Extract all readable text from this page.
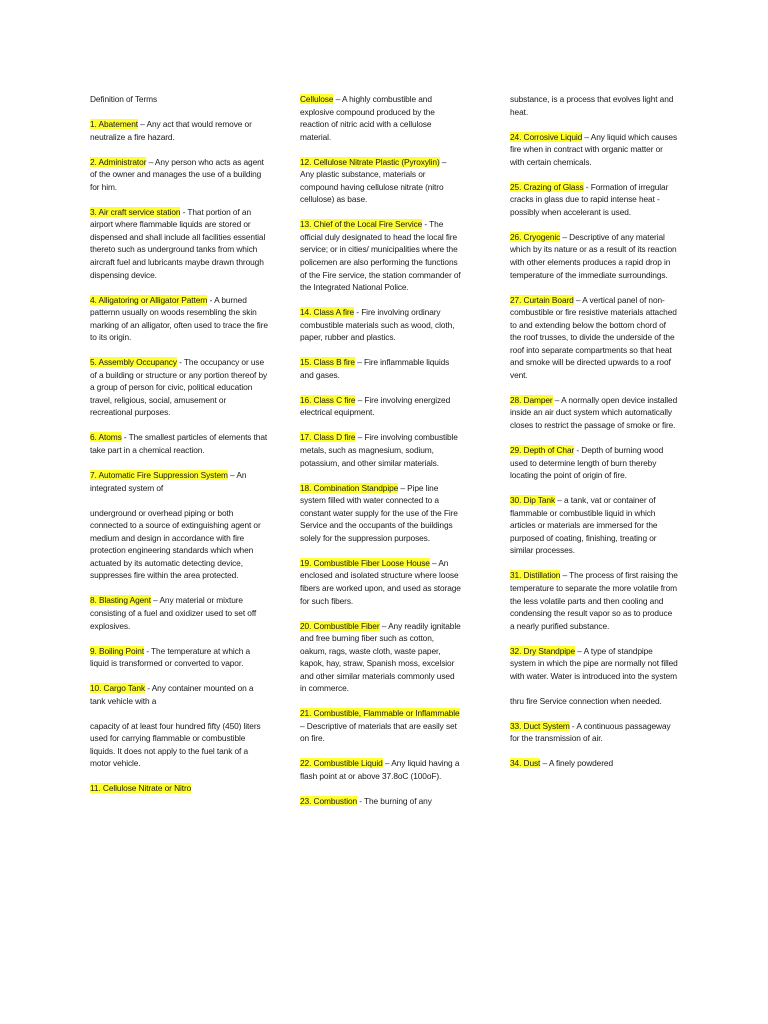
Definition of Terms
1. Abatement – Any act that would remove or neutralize a fire hazard.
2. Administrator – Any person who acts as agent of the owner and manages the use of a building for him.
3. Air craft service station - That portion of an airport where flammable liquids are stored or dispensed and shall include all facilities essential thereto such as underground tanks from which aircraft fuel and lubricants maybe drawn through dispensing device.
4. Alligatoring or Alligator Pattern - A burned patternn usually on woods resembling the skin marking of an alligator, often used to trace the fire to its origin.
5. Assembly Occupancy - The occupancy or use of a building or structure or any portion thereof by a group of person for civic, political education travel, religious, social, amusement or recreational purposes.
6. Atoms - The smallest particles of elements that take part in a chemical reaction.
7. Automatic Fire Suppression System – An integrated system of
underground or overhead piping or both connected to a source of extinguishing agent or medium and design in accordance with fire protection engineering standards which when actuated by its automatic detecting device, suppresses fire within the area protected.
8. Blasting Agent – Any material or mixture consisting of a fuel and oxidizer used to set off explosives.
9. Boiling Point - The temperature at which a liquid is transformed or converted to vapor.
10. Cargo Tank - Any container mounted on a tank vehicle with a
capacity of at least four hundred fifty (450) liters used for carrying flammable or combustible liquids. It does not apply to the fuel tank of a motor vehicle.
11. Cellulose Nitrate or Nitro
Cellulose – A highly combustible and explosive compound produced by the reaction of nitric acid with a cellulose material.
12. Cellulose Nitrate Plastic (Pyroxylin) – Any plastic substance, materials or compound having cellulose nitrate (nitro cellulose) as base.
13. Chief of the Local Fire Service - The official duly designated to head the local fire service; or in cities/ municipalities where the policemen are also performing the functions of the Fire service, the station commander of the Integrated National Police.
14. Class A fire - Fire involving ordinary combustible materials such as wood, cloth, paper, rubber and plastics.
15. Class B fire – Fire inflammable liquids and gases.
16. Class C fire – Fire involving energized electrical equipment.
17. Class D fire – Fire involving combustible metals, such as magnesium, sodium, potassium, and other similar materials.
18. Combination Standpipe – Pipe line system filled with water connected to a constant water supply for the use of the Fire Service and the occupants of the buildings solely for the suppression purposes.
19. Combustible Fiber Loose House – An enclosed and isolated structure where loose fibers are worked upon, and used as storage for such fibers.
20. Combustible Fiber – Any readily ignitable and free burning fiber such as cotton, oakum, rags, waste cloth, waste paper, kapok, hay, straw, Spanish moss, excelsior and other similar materials commonly used in commerce.
21. Combustible, Flammable or Inflammable – Descriptive of materials that are easily set on fire.
22. Combustible Liquid – Any liquid having a flash point at or above 37.8oC (100oF).
23. Combustion - The burning of any
substance, is a process that evolves light and heat.
24. Corrosive Liquid – Any liquid which causes fire when in contract with organic matter or with certain chemicals.
25. Crazing of Glass - Formation of irregular cracks in glass due to rapid intense heat - possibly when accelerant is used.
26. Cryogenic – Descriptive of any material which by its nature or as a result of its reaction with other elements produces a rapid drop in temperature of the immediate surroundings.
27. Curtain Board – A vertical panel of non-combustible or fire resistive materials attached to and extending below the bottom chord of the roof trusses, to divide the underside of the roof into separate compartments so that heat and smoke will be directed upwards to a roof vent.
28. Damper – A normally open device installed inside an air duct system which automatically closes to restrict the passage of smoke or fire.
29. Depth of Char - Depth of burning wood used to determine length of burn thereby locating the point of origin of fire.
30. Dip Tank – a tank, vat or container of flammable or combustible liquid in which articles or materials are immersed for the purposed of coating, finishing, treating or similar processes.
31. Distillation – The process of first raising the temperature to separate the more volatile from the less volatile parts and then cooling and condensing the result vapor so as to produce a nearly purified substance.
32. Dry Standpipe – A type of standpipe system in which the pipe are normally not filled with water. Water is introduced into the system
thru fire Service connection when needed.
33. Duct System - A continuous passageway for the transmission of air.
34. Dust – A finely powdered
